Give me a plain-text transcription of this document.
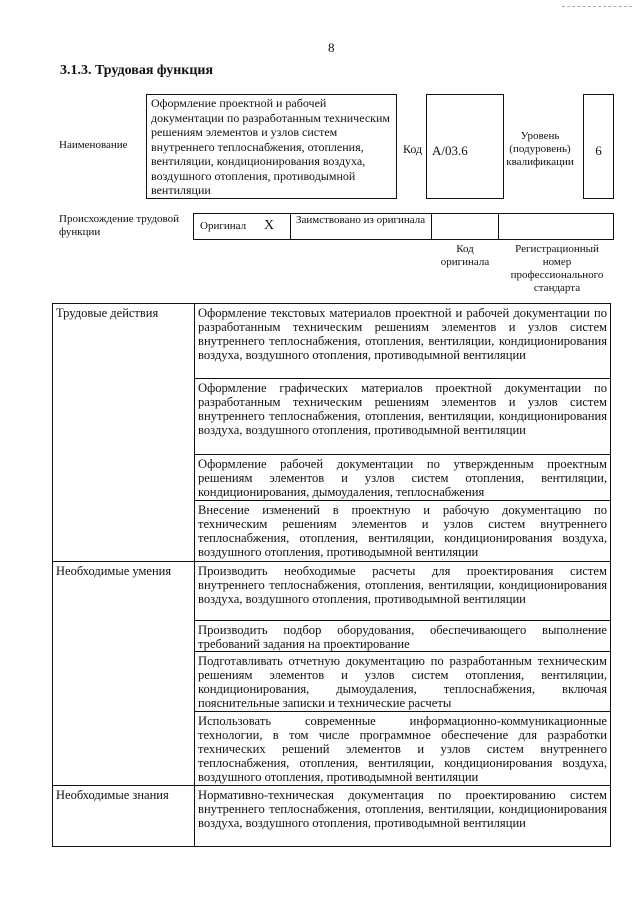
8
3.1.3. Трудовая функция
Наименование
Оформление проектной и рабочей документации по разработанным техническим решениям элементов и узлов систем внутреннего теплоснабжения, отопления, вентиляции, кондиционирования воздуха, воздушного отопления, противодымной вентиляции
Код A/03.6
Уровень (подуровень) квалификации
6
Происхождение трудовой функции	Оригинал X Заимствовано из оригинала
Код оригинала
Регистрационный номер профессионального стандарта
Трудовые действия
Необходимые умения
Необходимые знания
Оформление текстовых материалов проектной и рабочей документации по разработанным техническим решениям элементов и узлов систем внутреннего теплоснабжения, отопления, вентиляции, кондиционирования воздуха, воздушного отопления, противодымной вентиляции
Оформление графических материалов проектной документации по разработанным техническим решениям элементов и узлов систем внутреннего теплоснабжения, отопления, вентиляции, кондиционирования воздуха, воздушного отопления, противодымной вентиляции
Оформление рабочей документации по утвержденным проектным решениям элементов и узлов систем отопления, вентиляции, кондиционирования, дымоудаления, теплоснабжения
Внесение изменений в проектную и рабочую документацию по техническим решениям элементов и узлов систем внутреннего теплоснабжения, отопления, вентиляции, кондиционирования воздуха, воздушного отопления, противодымной вентиляции
Производить необходимые расчеты для проектирования систем внутреннего теплоснабжения, отопления, вентиляции, кондиционирования воздуха, воздушного отопления, противодымной вентиляции
Производить подбор оборудования, обеспечивающего выполнение требований задания на проектирование
Подготавливать отчетную документацию по разработанным техническим решениям элементов и узлов систем отопления, вентиляции, кондиционирования, дымоудаления, теплоснабжения, включая пояснительные записки и технические расчеты
Использовать современные информационно-коммуникационные технологии, в том числе программное обеспечение для разработки технических решений элементов и узлов систем внутреннего теплоснабжения, отопления, вентиляции, кондиционирования воздуха, воздушного отопления, противодымной вентиляции
Нормативно-техническая документация по проектированию систем внутреннего теплоснабжения, отопления, вентиляции, кондиционирования воздуха, воздушного отопления, противодымной вентиляции
